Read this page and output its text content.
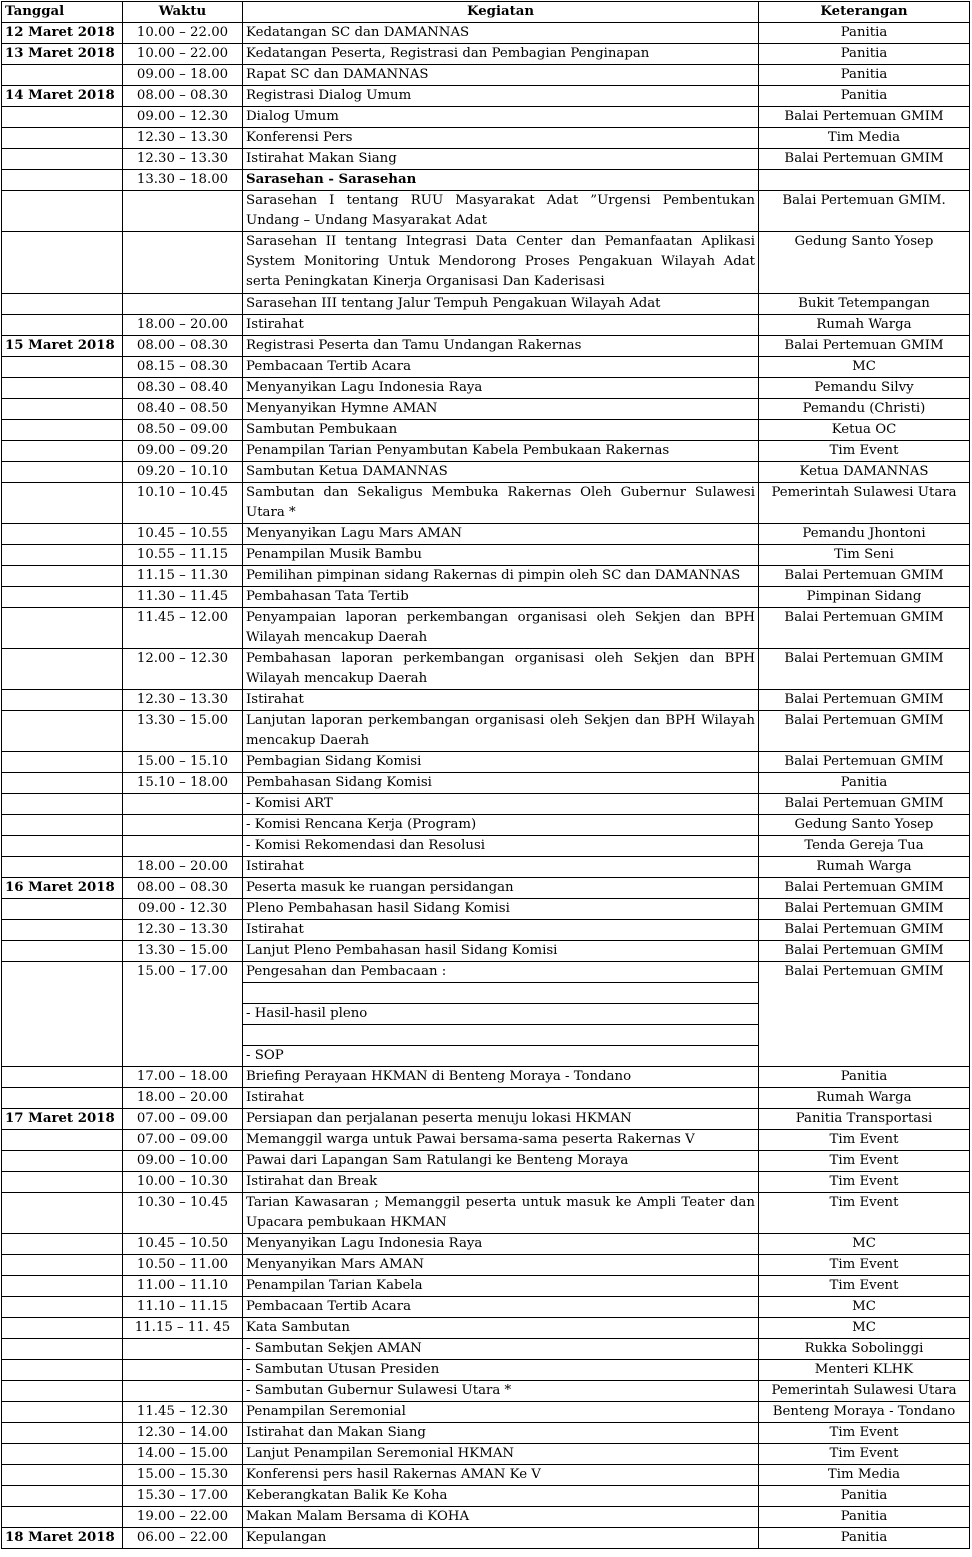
Tanggal	Waktu	Kegiatan	Keterangan
12 Maret 2018	10.00 – 22.00	Kedatangan SC dan DAMANNAS	Panitia
13 Maret 2018	10.00 – 22.00	Kedatangan Peserta, Registrasi dan Pembagian Penginapan	Panitia
	09.00 – 18.00	Rapat SC dan DAMANNAS	Panitia
14 Maret 2018	08.00 – 08.30	Registrasi Dialog Umum	Panitia
	09.00 – 12.30	Dialog Umum	Balai Pertemuan GMIM
	12.30 – 13.30	Konferensi Pers	Tim Media
	12.30 – 13.30	Istirahat Makan Siang	Balai Pertemuan GMIM
	13.30 – 18.00	Sarasehan - Sarasehan	
		Sarasehan I tentang RUU Masyarakat Adat ”Urgensi Pembentukan Undang – Undang Masyarakat Adat	Balai Pertemuan GMIM.
		Sarasehan II tentang Integrasi Data Center dan Pemanfaatan Aplikasi System Monitoring Untuk Mendorong Proses Pengakuan Wilayah Adat serta Peningkatan Kinerja Organisasi Dan Kaderisasi	Gedung Santo Yosep
		Sarasehan III tentang Jalur Tempuh Pengakuan Wilayah Adat	Bukit Tetempangan
	18.00 – 20.00	Istirahat	Rumah Warga
15 Maret 2018	08.00 – 08.30	Registrasi Peserta dan Tamu Undangan Rakernas	Balai Pertemuan GMIM
	08.15 – 08.30	Pembacaan Tertib Acara	MC
	08.30 – 08.40	Menyanyikan Lagu Indonesia Raya	Pemandu Silvy
	08.40 – 08.50	Menyanyikan Hymne AMAN	Pemandu (Christi)
	08.50 – 09.00	Sambutan Pembukaan	Ketua OC
	09.00 – 09.20	Penampilan Tarian Penyambutan Kabela Pembukaan Rakernas	Tim Event
	09.20 – 10.10	Sambutan Ketua DAMANNAS	Ketua DAMANNAS
	10.10 – 10.45	Sambutan dan Sekaligus Membuka Rakernas Oleh Gubernur Sulawesi Utara *	Pemerintah Sulawesi Utara
	10.45 – 10.55	Menyanyikan Lagu Mars AMAN	Pemandu Jhontoni
	10.55 – 11.15	Penampilan Musik Bambu	Tim Seni
	11.15 – 11.30	Pemilihan pimpinan sidang Rakernas di pimpin oleh SC dan DAMANNAS	Balai Pertemuan GMIM
	11.30 – 11.45	Pembahasan Tata Tertib	Pimpinan Sidang
	11.45 – 12.00	Penyampaian laporan perkembangan organisasi oleh Sekjen dan BPH Wilayah mencakup Daerah	Balai Pertemuan GMIM
	12.00 – 12.30	Pembahasan laporan perkembangan organisasi oleh Sekjen dan BPH Wilayah mencakup Daerah	Balai Pertemuan GMIM
	12.30 – 13.30	Istirahat	Balai Pertemuan GMIM
	13.30 – 15.00	Lanjutan laporan perkembangan organisasi oleh Sekjen dan BPH Wilayah mencakup Daerah	Balai Pertemuan GMIM
	15.00 – 15.10	Pembagian Sidang Komisi	Balai Pertemuan GMIM
	15.10 – 18.00	Pembahasan Sidang Komisi	Panitia
		- Komisi ART	Balai Pertemuan GMIM
		- Komisi Rencana Kerja (Program)	Gedung Santo Yosep
		- Komisi Rekomendasi dan Resolusi	Tenda Gereja Tua
	18.00 – 20.00	Istirahat	Rumah Warga
16 Maret 2018	08.00 – 08.30	Peserta masuk ke ruangan persidangan	Balai Pertemuan GMIM
	09.00 - 12.30	Pleno Pembahasan hasil Sidang Komisi	Balai Pertemuan GMIM
	12.30 – 13.30	Istirahat	Balai Pertemuan GMIM
	13.30 – 15.00	Lanjut Pleno Pembahasan hasil Sidang Komisi	Balai Pertemuan GMIM
	15.00 – 17.00	Pengesahan dan Pembacaan :
- Hasil-hasil pleno
- SOP	Balai Pertemuan GMIM
	17.00 – 18.00	Briefing Perayaan HKMAN di Benteng Moraya - Tondano	Panitia
	18.00 – 20.00	Istirahat	Rumah Warga
17 Maret 2018	07.00 – 09.00	Persiapan dan perjalanan peserta menuju lokasi HKMAN	Panitia Transportasi
	07.00 – 09.00	Memanggil warga untuk Pawai bersama-sama peserta Rakernas V	Tim Event
	09.00 – 10.00	Pawai dari Lapangan Sam Ratulangi ke Benteng Moraya	Tim Event
	10.00 – 10.30	Istirahat dan Break	Tim Event
	10.30 – 10.45	Tarian Kawasaran ; Memanggil peserta untuk masuk ke Ampli Teater dan Upacara pembukaan HKMAN	Tim Event
	10.45 – 10.50	Menyanyikan Lagu Indonesia Raya	MC
	10.50 – 11.00	Menyanyikan Mars AMAN	Tim Event
	11.00 – 11.10	Penampilan Tarian Kabela	Tim Event
	11.10 – 11.15	Pembacaan Tertib Acara	MC
	11.15 – 11. 45	Kata Sambutan	MC
		- Sambutan Sekjen AMAN	Rukka Sobolinggi
		- Sambutan Utusan Presiden	Menteri KLHK
		- Sambutan Gubernur Sulawesi Utara *	Pemerintah Sulawesi Utara
	11.45 – 12.30	Penampilan Seremonial	Benteng Moraya - Tondano
	12.30 – 14.00	Istirahat dan Makan Siang	Tim Event
	14.00 – 15.00	Lanjut Penampilan Seremonial HKMAN	Tim Event
	15.00 – 15.30	Konferensi pers hasil Rakernas AMAN Ke V	Tim Media
	15.30 – 17.00	Keberangkatan Balik Ke Koha	Panitia
	19.00 – 22.00	Makan Malam Bersama di KOHA	Panitia
18 Maret 2018	06.00 – 22.00	Kepulangan	Panitia
